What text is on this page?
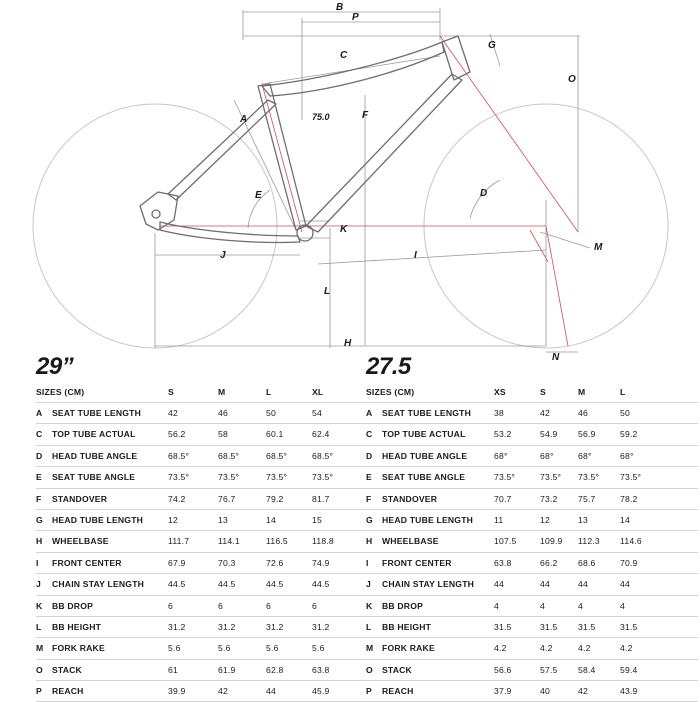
B
P
C
G
O
A	F
E	D
K
J	I
M
L
H
N
75.0
29”
SIZES (CM)	S	M	L	XL
A SEAT TUBE LENGTH	42	46	50	54
C TOP TUBE ACTUAL	56.2	58	60.1	62.4
D HEAD TUBE ANGLE	68.5°	68.5°	68.5°	68.5°
E SEAT TUBE ANGLE	73.5°	73.5°	73.5°	73.5°
F STANDOVER	74.2	76.7	79.2	81.7
G HEAD TUBE LENGTH	12	13	14	15
H WHEELBASE	111.7	114.1	116.5	118.8
I FRONT CENTER	67.9	70.3	72.6	74.9
J CHAIN STAY LENGTH	44.5	44.5	44.5	44.5
K BB DROP	6	6	6	6
L BB HEIGHT	31.2	31.2	31.2	31.2
M FORK RAKE	5.6	5.6	5.6	5.6
O STACK	61	61.9	62.8	63.8
P REACH	39.9	42	44	45.9
27.5
SIZES (CM)	XS	S	M	L
A SEAT TUBE LENGTH	38	42	46	50
C TOP TUBE ACTUAL	53.2	54.9 56.9	59.2
D HEAD TUBE ANGLE	68°	68°	68°	68°
E SEAT TUBE ANGLE	73.5°	73.5° 73.5° 73.5°
F STANDOVER	70.7	73.2 75.7	78.2
G HEAD TUBE LENGTH 11	12	13	14
H WHEELBASE	107.5	109.9 112.3 114.6
I FRONT CENTER	63.8	66.2 68.6	70.9
J CHAIN STAY LENGTH 44	44	44	44
K BB DROP	4	4	4	4
L BB HEIGHT	31.5	31.5 31.5	31.5
M FORK RAKE	4.2	4.2	4.2	4.2
O STACK	56.6	57.5 58.4	59.4
P REACH	37.9	40	42	43.9
